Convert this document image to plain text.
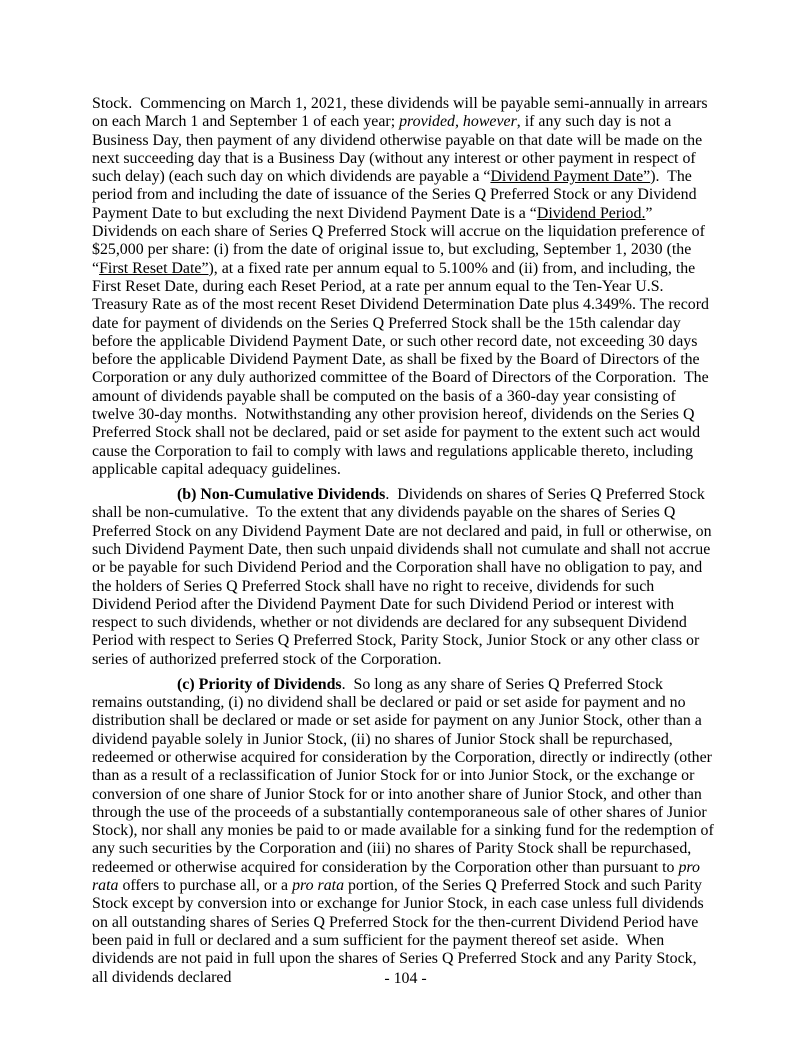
Stock.  Commencing on March 1, 2021, these dividends will be payable semi-annually in arrears on each March 1 and September 1 of each year; provided, however, if any such day is not a Business Day, then payment of any dividend otherwise payable on that date will be made on the next succeeding day that is a Business Day (without any interest or other payment in respect of such delay) (each such day on which dividends are payable a “Dividend Payment Date”).  The period from and including the date of issuance of the Series Q Preferred Stock or any Dividend Payment Date to but excluding the next Dividend Payment Date is a “Dividend Period.”  Dividends on each share of Series Q Preferred Stock will accrue on the liquidation preference of $25,000 per share: (i) from the date of original issue to, but excluding, September 1, 2030 (the “First Reset Date”), at a fixed rate per annum equal to 5.100% and (ii) from, and including, the First Reset Date, during each Reset Period, at a rate per annum equal to the Ten-Year U.S. Treasury Rate as of the most recent Reset Dividend Determination Date plus 4.349%. The record date for payment of dividends on the Series Q Preferred Stock shall be the 15th calendar day before the applicable Dividend Payment Date, or such other record date, not exceeding 30 days before the applicable Dividend Payment Date, as shall be fixed by the Board of Directors of the Corporation or any duly authorized committee of the Board of Directors of the Corporation.  The amount of dividends payable shall be computed on the basis of a 360-day year consisting of twelve 30-day months.  Notwithstanding any other provision hereof, dividends on the Series Q Preferred Stock shall not be declared, paid or set aside for payment to the extent such act would cause the Corporation to fail to comply with laws and regulations applicable thereto, including applicable capital adequacy guidelines.

(b) Non-Cumulative Dividends.  Dividends on shares of Series Q Preferred Stock shall be non-cumulative.  To the extent that any dividends payable on the shares of Series Q Preferred Stock on any Dividend Payment Date are not declared and paid, in full or otherwise, on such Dividend Payment Date, then such unpaid dividends shall not cumulate and shall not accrue or be payable for such Dividend Period and the Corporation shall have no obligation to pay, and the holders of Series Q Preferred Stock shall have no right to receive, dividends for such Dividend Period after the Dividend Payment Date for such Dividend Period or interest with respect to such dividends, whether or not dividends are declared for any subsequent Dividend Period with respect to Series Q Preferred Stock, Parity Stock, Junior Stock or any other class or series of authorized preferred stock of the Corporation.

(c) Priority of Dividends.  So long as any share of Series Q Preferred Stock remains outstanding, (i) no dividend shall be declared or paid or set aside for payment and no distribution shall be declared or made or set aside for payment on any Junior Stock, other than a dividend payable solely in Junior Stock, (ii) no shares of Junior Stock shall be repurchased, redeemed or otherwise acquired for consideration by the Corporation, directly or indirectly (other than as a result of a reclassification of Junior Stock for or into Junior Stock, or the exchange or conversion of one share of Junior Stock for or into another share of Junior Stock, and other than through the use of the proceeds of a substantially contemporaneous sale of other shares of Junior Stock), nor shall any monies be paid to or made available for a sinking fund for the redemption of any such securities by the Corporation and (iii) no shares of Parity Stock shall be repurchased, redeemed or otherwise acquired for consideration by the Corporation other than pursuant to pro rata offers to purchase all, or a pro rata portion, of the Series Q Preferred Stock and such Parity Stock except by conversion into or exchange for Junior Stock, in each case unless full dividends on all outstanding shares of Series Q Preferred Stock for the then-current Dividend Period have been paid in full or declared and a sum sufficient for the payment thereof set aside.  When dividends are not paid in full upon the shares of Series Q Preferred Stock and any Parity Stock, all dividends declared	- 104 -
